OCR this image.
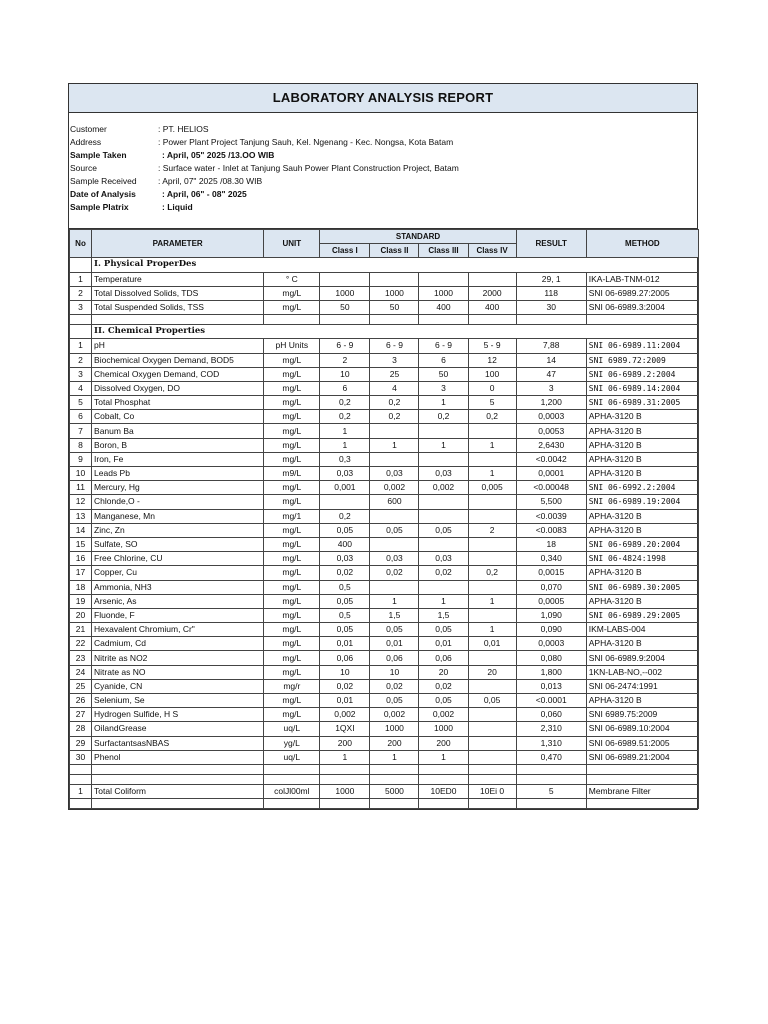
LABORATORY ANALYSIS REPORT
Customer	: PT. HELIOS
Address	: Power Plant Project Tanjung Sauh, Kel. Ngenang - Kec. Nongsa, Kota Batam
Sample Taken	: April, 05" 2025 /13.OO WIB
Source	: Surface water - Inlet at Tanjung Sauh Power Plant Construction Project, Batam
Sample Received	: April, 07" 2025 /08.30 WIB
Date of Analysis	: April, 06" - 08" 2025
Sample Platrix	: Liquid
No	PARAMETER	UNIT	STANDARD				RESULT	METHOD
			Class I	Class II	Class III	Class IV		
	I. Physical ProperDes							
1	Temperature	° C					29, 1	IKA-LAB-TNM-012
2	Total Dissolved Solids, TDS	mg/L	1000	1000	1000	2000	118	SNI 06-6989.27:2005
3	Total Suspended Solids, TSS	mg/L	50	50	400	400	30	SNI 06-6989.3:2004

	II. Chemical Properties							
1	pH	pH Units	6 - 9	6 - 9	6 - 9	5 - 9	7,88	SNI 06-6989.11:2004
2	Biochemical Oxygen Demand, BOD5	mg/L	2	3	6	12	14	SNI 6989.72:2009
3	Chemical Oxygen Demand, COD	mg/L	10	25	50	100	47	SNI 06-6989.2:2004
4	Dissolved Oxygen, DO	mg/L	6	4	3	0	3	SNI 06-6989.14:2004
5	Total Phosphat	mg/L	0,2	0,2	1	5	1,200	SNI 06-6989.31:2005
6	Cobalt, Co	mg/L	0,2	0,2	0,2	0,2	0,0003	APHA-3120 B
7	Banum Ba	mg/L	1				0,0053	APHA-3120 B
8	Boron, B	mg/L	1	1	1	1	2,6430	APHA-3120 B
9	Iron, Fe	mg/L	0,3				<0.0042	APHA-3120 B
10	Leads Pb	m9/L	0,03	0,03	0,03	1	0,0001	APHA-3120 B
11	Mercury, Hg	mg/L	0,001	0,002	0,002	0,005	<0.00048	SNI 06-6992.2:2004
12	Chlonde,O -	mg/L		600			5,500	SNI 06-6989.19:2004
13	Manganese, Mn	mg/1	0,2				<0.0039	APHA-3120 B
14	Zinc, Zn	mg/L	0,05	0,05	0,05	2	<0.0083	APHA-3120 B
15	Sulfate, SO	mg/L	400				18	SNI 06-6989.20:2004
16	Free Chlorine, CU	mg/L	0,03	0,03	0,03		0,340	SNI 06-4824:1998
17	Copper, Cu	mg/L	0,02	0,02	0,02	0,2	0,0015	APHA-3120 B
18	Ammonia, NH3	mg/L	0,5				0,070	SNI 06-6989.30:2005
19	Arsenic, As	mg/L	0,05	1	1	1	0,0005	APHA-3120 B
20	Fluonde, F	mg/L	0,5	1,5	1,5		1,090	SNI 06-6989.29:2005
21	Hexavalent Chromium, Cr"	mg/L	0,05	0,05	0,05	1	0,090	IKM-LABS-004
22	Cadmium, Cd	mg/L	0,01	0,01	0,01	0,01	0,0003	APHA-3120 B
23	Nitrite as NO2	mg/L	0,06	0,06	0,06		0,080	SNI 06-6989.9:2004
24	Nitrate as NO	mg/L	10	10	20	20	1,800	1KN-LAB-NO,--002
25	Cyanide, CN	mg/r	0,02	0,02	0,02		0,013	SNI 06-2474:1991
26	Selenium, Se	mg/L	0,01	0,05	0,05	0,05	<0.0001	APHA-3120 B
27	Hydrogen Sulfide, H S	mg/L	0,002	0,002	0,002		0,060	SNI 6989.75:2009
28	OilandGrease	uq/L	1QXI	1000	1000		2,310	SNI 06-6989.10:2004
29	SurfactantsasNBAS	yg/L	200	200	200		1,310	SNI 06-6989.51:2005
30	Phenol	uq/L	1	1	1		0,470	SNI 06-6989.21:2004

1	Total Coliform	colJl00ml	1000	5000	10ED0	10Ei 0	5	Membrane Filter
